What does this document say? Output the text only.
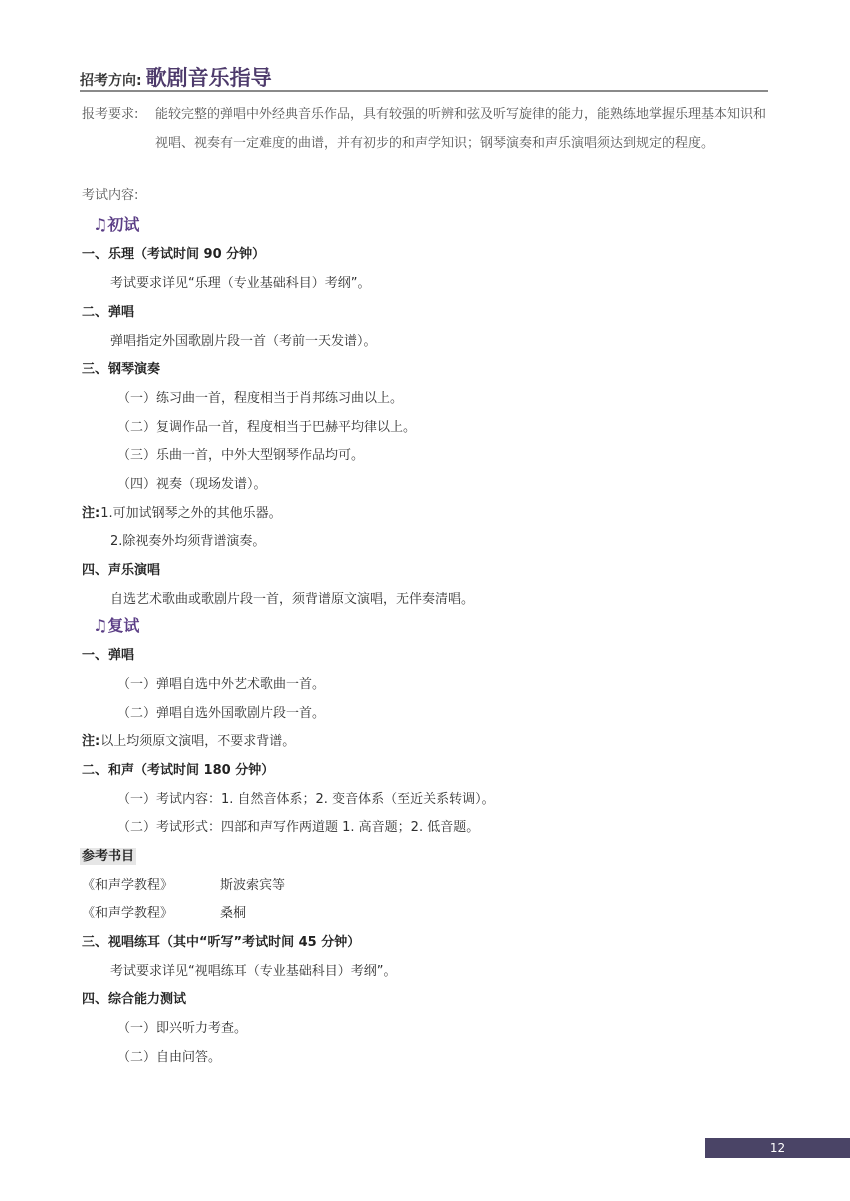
招考方向: 歌剧音乐指导
报考要求: 能较完整的弹唱中外经典音乐作品，具有较强的听辨和弦及听写旋律的能力，能熟练地掌握乐理基本知识和视唱、视奏有一定难度的曲谱，并有初步的和声学知识；钢琴演奏和声乐演唱须达到规定的程度。
考试内容:
♫初试
一、乐理（考试时间 90 分钟）
考试要求详见“乐理（专业基础科目）考纲”。
二、弹唱
弹唱指定外国歌剧片段一首（考前一天发谱）。
三、钢琴演奏
（一）练习曲一首，程度相当于肖邦练习曲以上。
（二）复调作品一首，程度相当于巴赫平均律以上。
（三）乐曲一首，中外大型钢琴作品均可。
（四）视奏（现场发谱）。
注:1.可加试钢琴之外的其他乐器。
2.除视奏外均须背谱演奏。
四、声乐演唱
自选艺术歌曲或歌剧片段一首，须背谱原文演唱，无伴奏清唱。
♫复试
一、弹唱
（一）弹唱自选中外艺术歌曲一首。
（二）弹唱自选外国歌剧片段一首。
注:以上均须原文演唱，不要求背谱。
二、和声（考试时间 180 分钟）
（一）考试内容：1. 自然音体系；2. 变音体系（至近关系转调）。
（二）考试形式：四部和声写作两道题 1. 高音题；2. 低音题。
参考书目
《和声学教程》	斯波索宾等
《和声学教程》	桑桐
三、视唱练耳（其中“听写”考试时间 45 分钟）
考试要求详见“视唱练耳（专业基础科目）考纲”。
四、综合能力测试
（一）即兴听力考查。
（二）自由问答。
12
